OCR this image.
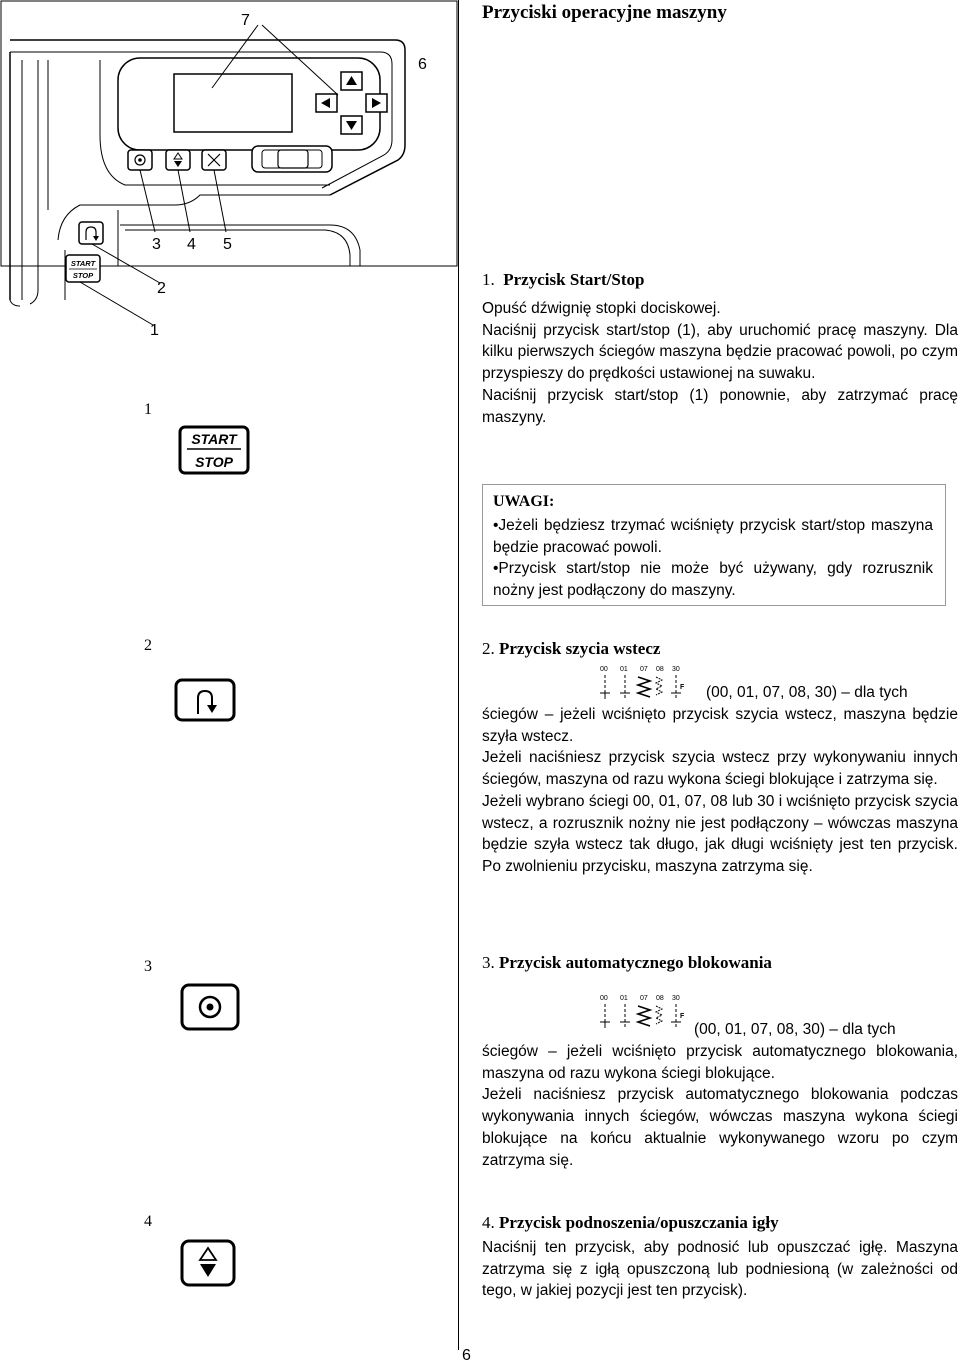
START
STOP
7
6
3 4 5
2
1
Przyciski operacyjne maszyny
1
START
STOP
1. Przycisk Start/Stop

Opuść dźwignię stopki dociskowej.

Naciśnij przycisk start/stop (1), aby uruchomić pracę maszyny. Dla kilku pierwszych ściegów maszyna będzie pracować powoli, po czym przyspieszy do prędkości ustawionej na suwaku.

Naciśnij przycisk start/stop (1) ponownie, aby zatrzymać pracę maszyny.

UWAGI:
•Jeżeli będziesz trzymać wciśnięty przycisk start/stop maszyna będzie pracować powoli.
•Przycisk start/stop nie może być używany, gdy rozrusznik nożny jest podłączony do maszyny.
2	2. Przycisk szycia wstecz
00 01 07 08 30
F (00, 01, 07, 08, 30) – dla tych

ściegów – jeżeli wciśnięto przycisk szycia wstecz, maszyna będzie szyła wstecz.

Jeżeli naciśniesz przycisk szycia wstecz przy wykonywaniu innych ściegów, maszyna od razu wykona ściegi blokujące i zatrzyma się.

Jeżeli wybrano ściegi 00, 01, 07, 08 lub 30 i wciśnięto przycisk szycia wstecz, a rozrusznik nożny nie jest podłączony – wówczas maszyna będzie szyła wstecz tak długo, jak długi wciśnięty jest ten przycisk. Po zwolnieniu przycisku, maszyna zatrzyma się.

3	3. Przycisk automatycznego blokowania
00 01 07 08 30
F
(00, 01, 07, 08, 30) – dla tych

ściegów – jeżeli wciśnięto przycisk automatycznego blokowania, maszyna od razu wykona ściegi blokujące.

Jeżeli naciśniesz przycisk automatycznego blokowania podczas wykonywania innych ściegów, wówczas maszyna wykona ściegi blokujące na końcu aktualnie wykonywanego wzoru po czym zatrzyma się.

4	4. Przycisk podnoszenia/opuszczania igły

Naciśnij ten przycisk, aby podnosić lub opuszczać igłę. Maszyna zatrzyma się z igłą opuszczoną lub podniesioną (w zależności od tego, w jakiej pozycji jest ten przycisk).

6
